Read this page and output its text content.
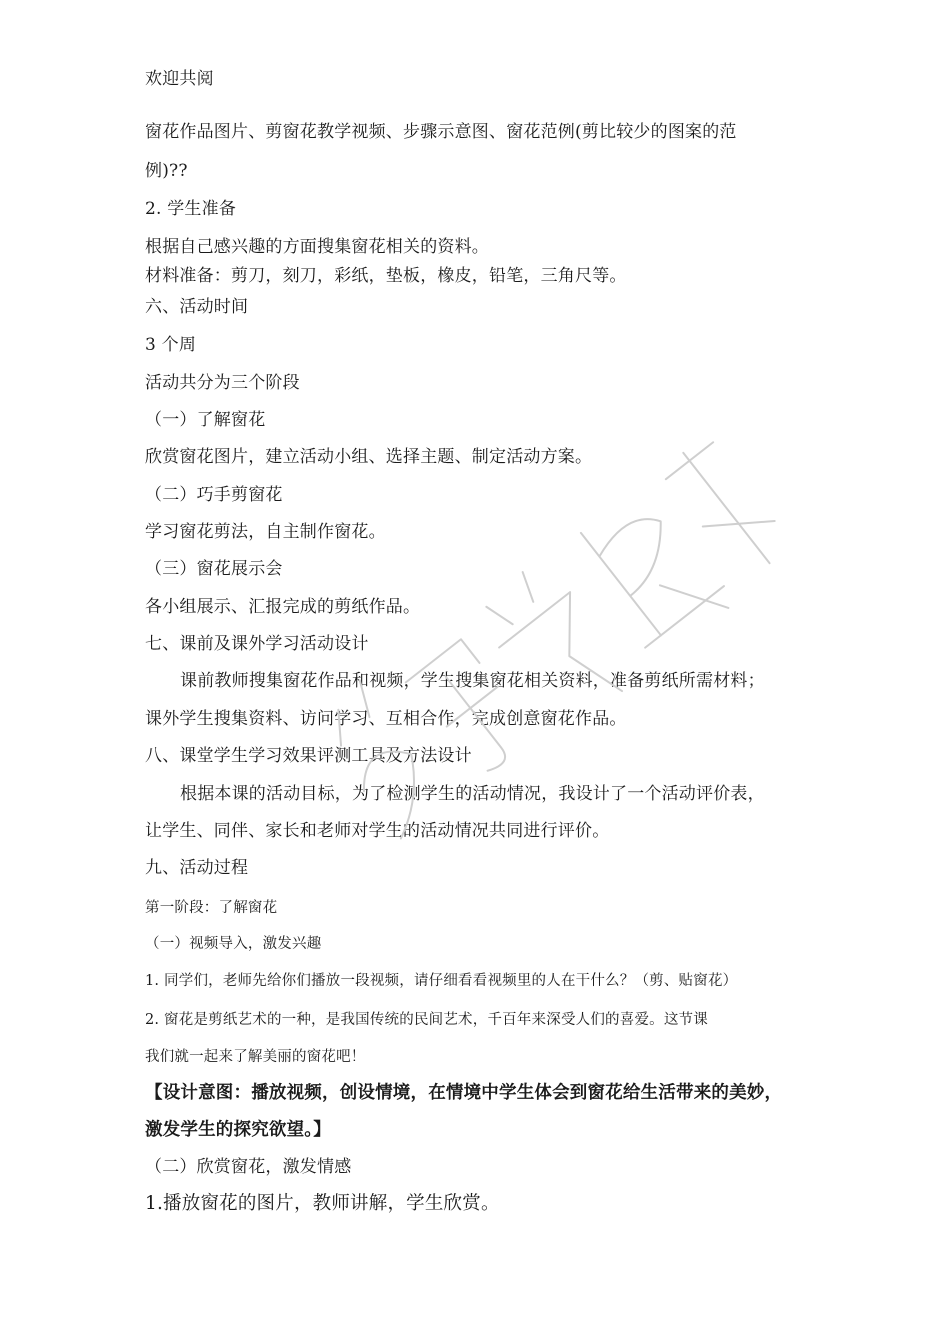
欢迎共阅
窗花作品图片、剪窗花教学视频、步骤示意图、窗花范例(剪比较少的图案的范
例)??
2. 学生准备
根据自己感兴趣的方面搜集窗花相关的资料。
材料准备：剪刀，刻刀，彩纸，垫板，橡皮，铅笔，三角尺等。
六、活动时间
3 个周
活动共分为三个阶段
（一）了解窗花
欣赏窗花图片，建立活动小组、选择主题、制定活动方案。
（二）巧手剪窗花
学习窗花剪法，自主制作窗花。
（三）窗花展示会
各小组展示、汇报完成的剪纸作品。
七、课前及课外学习活动设计
课前教师搜集窗花作品和视频，学生搜集窗花相关资料，准备剪纸所需材料；
课外学生搜集资料、访问学习、互相合作，完成创意窗花作品。
八、课堂学生学习效果评测工具及方法设计
根据本课的活动目标，为了检测学生的活动情况，我设计了一个活动评价表，
让学生、同伴、家长和老师对学生的活动情况共同进行评价。
九、活动过程
第一阶段：了解窗花
（一）视频导入，激发兴趣
1. 同学们，老师先给你们播放一段视频，请仔细看看视频里的人在干什么？（剪、贴窗花）
2. 窗花是剪纸艺术的一种，是我国传统的民间艺术，千百年来深受人们的喜爱。这节课
我们就一起来了解美丽的窗花吧！
【设计意图：播放视频，创设情境，在情境中学生体会到窗花给生活带来的美妙，
激发学生的探究欲望。】
（二）欣赏窗花，激发情感
1.播放窗花的图片，教师讲解，学生欣赏。
